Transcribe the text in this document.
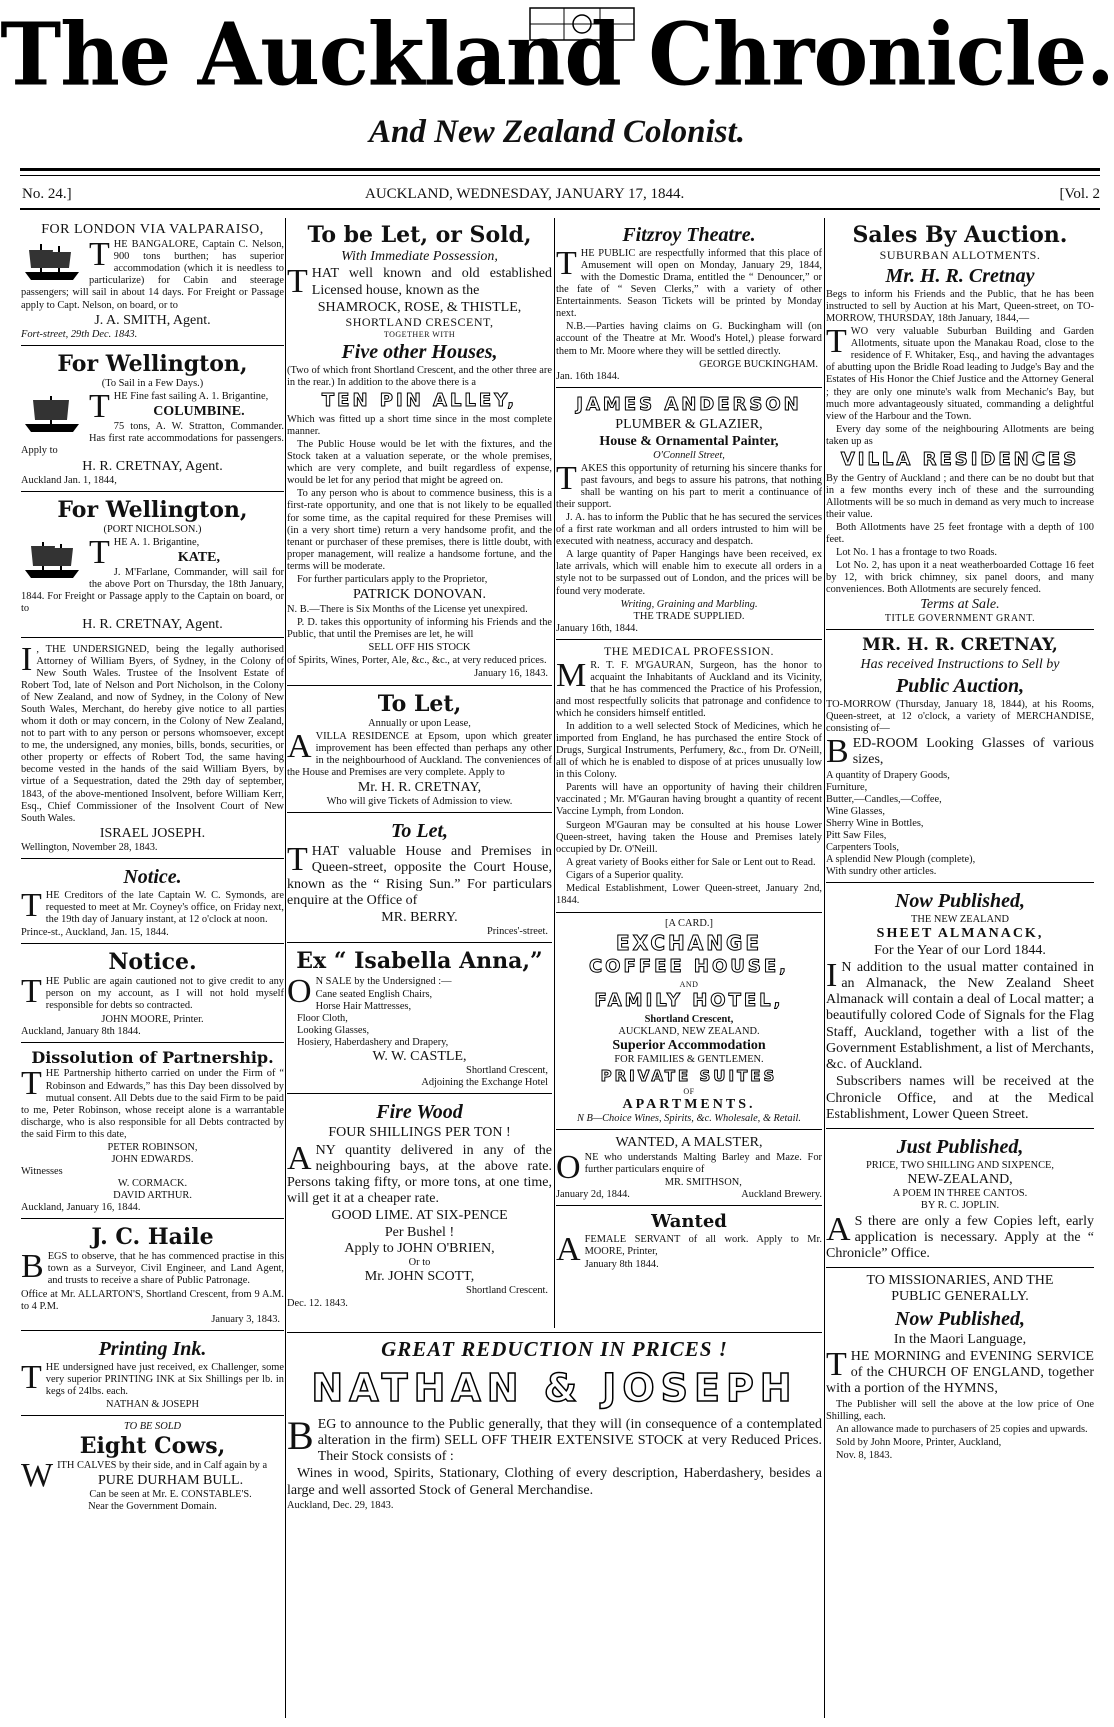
The Auckland Chronicle.
And New Zealand Colonist.
No. 24.]	AUCKLAND, WEDNESDAY, JANUARY 17, 1844.	[Vol. 2
FOR LONDON VIA VALPARAISO,

THE BANGALORE, Captain C. Nelson, 900 tons burthen; has superior accommodation (which it is needless to particularize) for Cabin and steerage passengers; will sail in about 14 days. For Freight or Passage apply to Capt. Nelson, on board, or to

J. A. SMITH, Agent.
Fort-street, 29th Dec. 1843.
For Wellington,
(To Sail in a Few Days.)

THE Fine fast sailing A. 1. Brigantine,

COLUMBINE.

75 tons, A. W. Stratton, Commander. Has first rate accommodations for passengers. Apply to

H. R. CRETNAY, Agent.
Auckland Jan. 1, 1844,
For Wellington,
(PORT NICHOLSON.)

THE A. 1. Brigantine,

KATE,

J. M'Farlane, Commander, will sail for the above Port on Thursday, the 18th January, 1844. For Freight or Passage apply to the Captain on board, or to

H. R. CRETNAY, Agent.

I , THE UNDERSIGNED, being the legally authorised Attorney of William Byers, of Sydney, in the Colony of New South Wales. Trustee of the Insolvent Estate of Robert Tod, late of Nelson and Port Nicholson, in the Colony of New Zealand, and now of Sydney, in the Colony of New South Wales, Merchant, do hereby give notice to all parties whom it doth or may concern, in the Colony of New Zealand, not to part with to any person or persons whomsoever, except to me, the undersigned, any monies, bills, bonds, securities, or other property or effects of Robert Tod, the same having become vested in the hands of the said William Byers, by virtue of a Sequestration, dated the 29th day of september, 1843, of the above-mentioned Insolvent, before William Kerr, Esq., Chief Commissioner of the Insolvent Court of New South Wales.

ISRAEL JOSEPH.
Wellington, November 28, 1843.
Notice.

THE Creditors of the late Captain W. C. Symonds, are requested to meet at Mr. Coyney's office, on Friday next, the 19th day of January instant, at 12 o'clock at noon.

Prince-st., Auckland, Jan. 15, 1844.
Notice.

THE Public are again cautioned not to give credit to any person on my account, as I will not hold myself responsible for debts so contracted.

JOHN MOORE, Printer.
Auckland, January 8th 1844.
Dissolution of Partnership.

THE Partnership hitherto carried on under the Firm of “ Robinson and Edwards,” has this Day been dissolved by mutual consent. All Debts due to the said Firm to be paid to me, Peter Robinson, whose receipt alone is a warrantable discharge, who is also responsible for all Debts contracted by the said Firm to this date,

PETER ROBINSON,
JOHN EDWARDS.
Witnesses
W. CORMACK.
DAVID ARTHUR.
Auckland, January 16, 1844.
J. C. Haile

BEGS to observe, that he has commenced practise in this town as a Surveyor, Civil Engineer, and Land Agent, and trusts to receive a share of Public Patronage.

Office at Mr. ALLARTON'S, Shortland Crescent, from 9 A.M. to 4 P.M.

January 3, 1843.
Printing Ink.

THE undersigned have just received, ex Challenger, some very superior PRINTING INK at Six Shillings per lb. in kegs of 24lbs. each.

NATHAN & JOSEPH
TO BE SOLD
Eight Cows,

WITH CALVES by their side, and in Calf again by a

PURE DURHAM BULL.
Can be seen at Mr. E. CONSTABLE'S.
Near the Government Domain.
To be Let, or Sold,
With Immediate Possession,

THAT well known and old established Licensed house, known as the

SHAMROCK, ROSE, & THISTLE,
SHORTLAND CRESCENT,
TOGETHER WITH
Five other Houses,

(Two of which front Shortland Crescent, and the other three are in the rear.) In addition to the above there is a

TEN PIN ALLEY,

Which was fitted up a short time since in the most complete manner.

The Public House would be let with the fixtures, and the Stock taken at a valuation seperate, or the whole premises, which are very complete, and built regardless of expense, would be let for any period that might be agreed on.

To any person who is about to commence business, this is a first-rate opportunity, and one that is not likely to be equalled for some time, as the capital required for these Premises will (in a very short time) return a very handsome profit, and the tenant or purchaser of these premises, there is little doubt, with proper management, will realize a handsome fortune, and the terms will be moderate.

For further particulars apply to the Proprietor,

PATRICK DONOVAN.

N. B.—There is Six Months of the License yet unexpired.

P. D. takes this opportunity of informing his Friends and the Public, that until the Premises are let, he will

SELL OFF HIS STOCK

of Spirits, Wines, Porter, Ale, &c., &c., at very reduced prices.

January 16, 1843.
To Let,
Annually or upon Lease,

A VILLA RESIDENCE at Epsom, upon which greater improvement has been effected than perhaps any other in the neighbourhood of Auckland. The conveniences of the House and Premises are very complete. Apply to

Mr. H. R. CRETNAY,
Who will give Tickets of Admission to view.
To Let,

THAT valuable House and Premises in Queen-street, opposite the Court House, known as the “ Rising Sun.” For particulars enquire at the Office of

MR. BERRY.
Princes'-street.
Ex “ Isabella Anna,”

O N SALE by the Undersigned :—

Cane seated English Chairs,
Horse Hair Mattresses,
Floor Cloth,
Looking Glasses,
Hosiery, Haberdashery and Drapery,
W. W. CASTLE,
Shortland Crescent,
Adjoining the Exchange Hotel
Fire Wood
FOUR SHILLINGS PER TON !

ANY quantity delivered in any of the neighbouring bays, at the above rate. Persons taking fifty, or more tons, at one time, will get it at a cheaper rate.

GOOD LIME. AT SIX-PENCE
Per Bushel !
Apply to JOHN O'BRIEN,
Or to
Mr. JOHN SCOTT,
Shortland Crescent.
Dec. 12. 1843.
Fitzroy Theatre.

THE PUBLIC are respectfully informed that this place of Amusement will open on Monday, January 29, 1844, with the Domestic Drama, entitled the “ Denouncer,” or the fate of “ Seven Clerks,” with a variety of other Entertainments. Season Tickets will be printed by Monday next.

N.B.—Parties having claims on G. Buckingham will (on account of the Theatre at Mr. Wood's Hotel,) please forward them to Mr. Moore where they will be settled directly.

GEORGE BUCKINGHAM.
Jan. 16th 1844.
JAMES ANDERSON
PLUMBER & GLAZIER,
House & Ornamental Painter,
O'Connell Street,

TAKES this opportunity of returning his sincere thanks for past favours, and begs to assure his patrons, that nothing shall be wanting on his part to merit a continuance of their support.

J. A. has to inform the Public that he has secured the services of a first rate workman and all orders intrusted to him will be executed with neatness, accuracy and despatch.

A large quantity of Paper Hangings have been received, ex late arrivals, which will enable him to execute all orders in a style not to be surpassed out of London, and the prices will be found very moderate.

Writing, Graining and Marbling.
THE TRADE SUPPLIED.
January 16th, 1844.
THE MEDICAL PROFESSION.

M R. T. F. M'GAURAN, Surgeon, has the honor to acquaint the Inhabitants of Auckland and its Vicinity, that he has commenced the Practice of his Profession, and most respectfully solicits that patronage and confidence to which he considers himself entitled.

In addition to a well selected Stock of Medicines, which he imported from England, he has purchased the entire Stock of Drugs, Surgical Instruments, Perfumery, &c., from Dr. O'Neill, all of which he is enabled to dispose of at prices unusually low in this Colony.

Parents will have an opportunity of having their children vaccinated ; Mr. M'Gauran having brought a quantity of recent Vaccine Lymph, from London.

Surgeon M'Gauran may be consulted at his house Lower Queen-street, having taken the House and Premises lately occupied by Dr. O'Neill.

A great variety of Books either for Sale or Lent out to Read.

Cigars of a Superior quality.

Medical Establishment, Lower Queen-street, January 2nd, 1844.

[A CARD.]
EXCHANGE
COFFEE HOUSE,
AND
FAMILY HOTEL,
Shortland Crescent,
AUCKLAND, NEW ZEALAND.
Superior Accommodation
FOR FAMILIES & GENTLEMEN.
PRIVATE SUITES
OF
APARTMENTS.
N B—Choice Wines, Spirits, &c. Wholesale, & Retail.
WANTED, A MALSTER,

ONE who understands Malting Barley and Maze. For further particulars enquire of

MR. SMITHSON,
January 2d, 1844.	Auckland Brewery.
Wanted

A FEMALE SERVANT of all work. Apply to Mr. MOORE, Printer,

January 8th 1844.
GREAT REDUCTION IN PRICES !
NATHAN & JOSEPH

BEG to announce to the Public generally, that they will (in consequence of a contemplated alteration in the firm) SELL OFF THEIR EXTENSIVE STOCK at very Reduced Prices. Their Stock consists of :

Wines in wood, Spirits, Stationary, Clothing of every description, Haberdashery, besides a large and well assorted Stock of General Merchandise.

Auckland, Dec. 29, 1843.
Sales By Auction.
SUBURBAN ALLOTMENTS.
Mr. H. R. Cretnay

Begs to inform his Friends and the Public, that he has been instructed to sell by Auction at his Mart, Queen-street, on TO-MORROW, THURSDAY, 18th January, 1844,—

TWO very valuable Suburban Building and Garden Allotments, situate upon the Manakau Road, close to the residence of F. Whitaker, Esq., and having the advantages of abutting upon the Bridle Road leading to Judge's Bay and the Estates of His Honor the Chief Justice and the Attorney General ; they are only one minute's walk from Mechanic's Bay, but much more advantageously situated, commanding a delightful view of the Harbour and the Town.

Every day some of the neighbouring Allotments are being taken up as

VILLA RESIDENCES

By the Gentry of Auckland ; and there can be no doubt but that in a few months every inch of these and the surrounding Allotments will be so much in demand as very much to increase their value.

Both Allotments have 25 feet frontage with a depth of 100 feet.

Lot No. 1 has a frontage to two Roads.

Lot No. 2, has upon it a neat weatherboarded Cottage 16 feet by 12, with brick chimney, six panel doors, and many conveniences. Both Allotments are securely fenced.

Terms at Sale.
TITLE GOVERNMENT GRANT.
MR. H. R. CRETNAY,
Has received Instructions to Sell by
Public Auction,

TO-MORROW (Thursday, January 18, 1844), at his Rooms, Queen-street, at 12 o'clock, a variety of MERCHANDISE, consisting of—

BED-ROOM Looking Glasses of various sizes,

A quantity of Drapery Goods,
Furniture,
Butter,—Candles,—Coffee,
Wine Glasses,
Sherry Wine in Bottles,
Pitt Saw Files,
Carpenters Tools,
A splendid New Plough (complete),
With sundry other articles.
Now Published,
THE NEW ZEALAND
SHEET ALMANACK,
For the Year of our Lord 1844.

I N addition to the usual matter contained in an Almanack, the New Zealand Sheet Almanack will contain a deal of Local matter; a beautifully colored Code of Signals for the Flag Staff, Auckland, together with a list of the Government Establishment, a list of Merchants, &c. of Auckland.

Subscribers names will be received at the Chronicle Office, and at the Medical Establishment, Lower Queen Street.

Just Published,
PRICE, TWO SHILLING AND SIXPENCE,
NEW-ZEALAND,
A POEM IN THREE CANTOS.
BY R. C. JOPLIN.

A S there are only a few Copies left, early application is necessary. Apply at the “ Chronicle” Office.

TO MISSIONARIES, AND THE
PUBLIC GENERALLY.
Now Published,
In the Maori Language,

THE MORNING and EVENING SERVICE of the CHURCH OF ENGLAND, together with a portion of the HYMNS,

The Publisher will sell the above at the low price of One Shilling, each.

An allowance made to purchasers of 25 copies and upwards.

Sold by John Moore, Printer, Auckland,

Nov. 8, 1843.
